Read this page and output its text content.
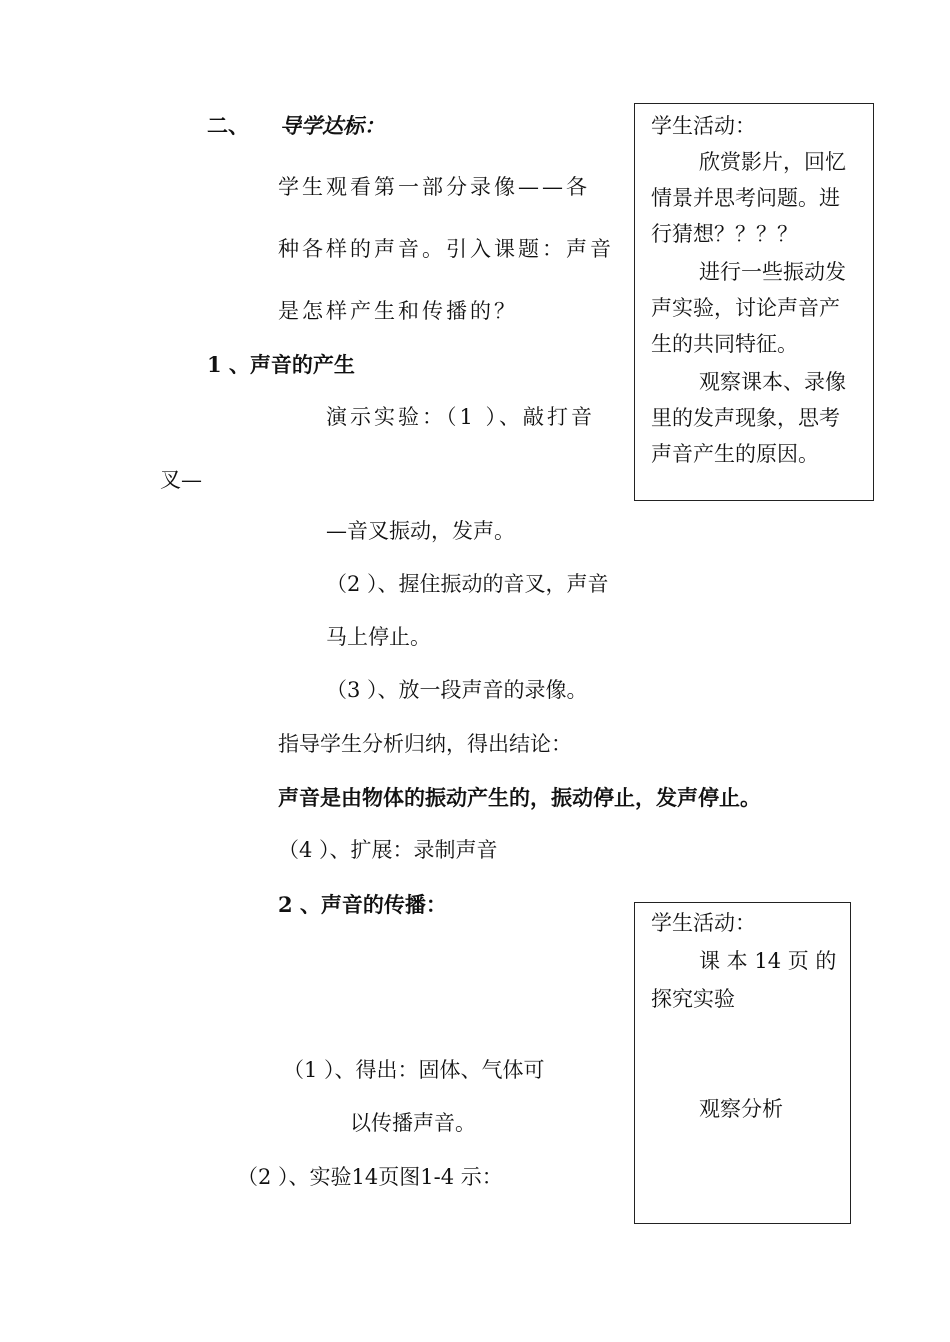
二、 导学达标：
学生观看第一部分录像——各
种各样的声音。引入课题：声音
是怎样产生和传播的？
1 、声音的产生
演示实验：（1 ）、敲打音
叉—
—音叉振动，发声。
（2 ）、握住振动的音叉，声音
马上停止。
（3 ）、放一段声音的录像。
指导学生分析归纳，得出结论：
声音是由物体的振动产生的，振动停止，发声停止。
（4 ）、扩展：录制声音
2 、声音的传播：
（1 ）、得出：固体、气体可
以传播声音。
（2 ）、实验14页图1-4 示：
学生活动：
欣赏影片，回忆
情景并思考问题。进
行猜想？？？？
进行一些振动发
声实验，讨论声音产
生的共同特征。
观察课本、录像
里的发声现象，思考
声音产生的原因。
学生活动：
课 本 14 页 的
探究实验
观察分析
